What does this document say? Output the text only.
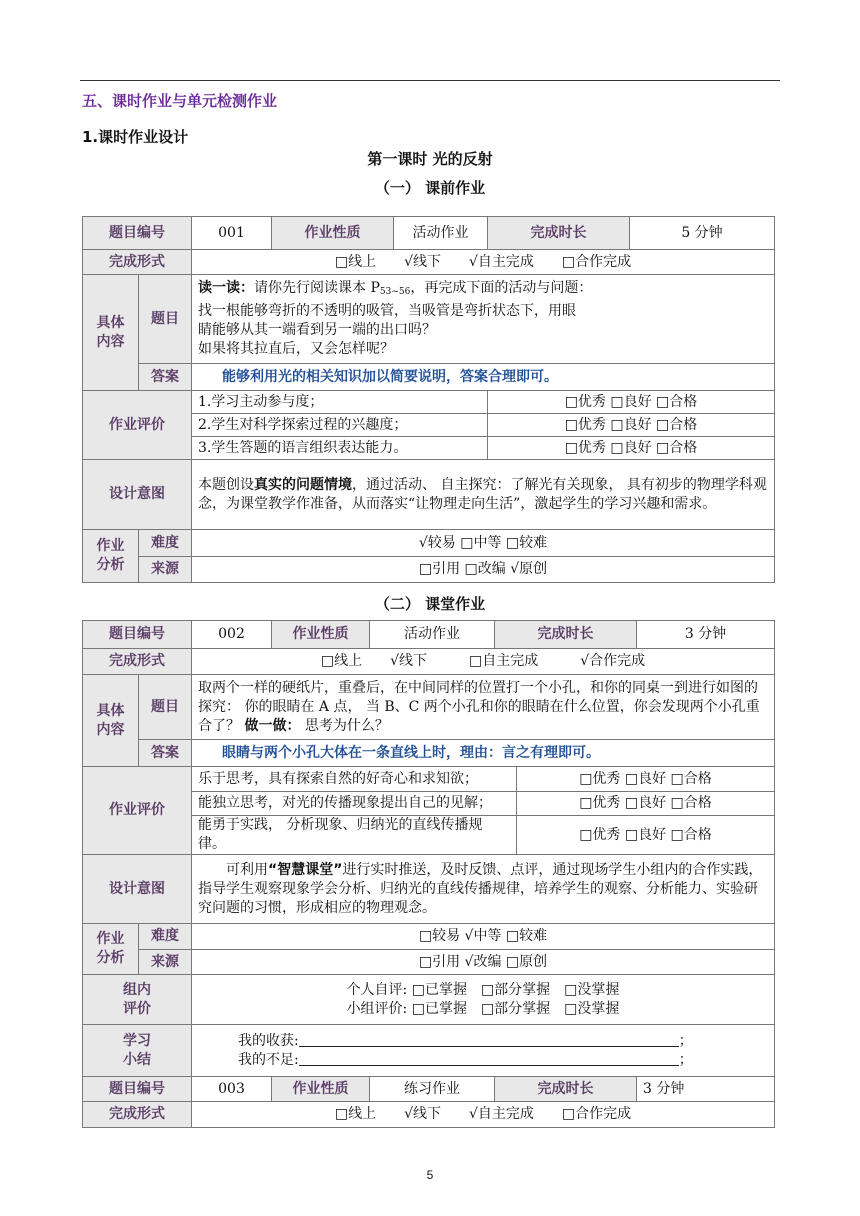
五、课时作业与单元检测作业
1.课时作业设计
第一课时 光的反射
（一） 课前作业
题目编号		001	作业性质	活动作业	完成时长	5 分钟
完成形式		□线上　　√线下　　√自主完成　　□合作完成				
具体
内容	题目	读一读：请你先行阅读课本 P53~56，再完成下面的活动与问题：
找一根能够弯折的不透明的吸管，当吸管是弯折状态下，用眼
睛能够从其一端看到另一端的出口吗？
如果将其拉直后，又会怎样呢？				
	答案	能够利用光的相关知识加以简要说明，答案合理即可。				
作业评价		1.学习主动参与度；			□优秀 □良好 □合格	
		2.学生对科学探索过程的兴趣度；			□优秀 □良好 □合格	
		3.学生答题的语言组织表达能力。			□优秀 □良好 □合格	
设计意图		本题创设真实的问题情境，通过活动、 自主探究：了解光有关现象， 具有初步的物理学科观念，为课堂教学作准备，从而落实“让物理走向生活”，激起学生的学习兴趣和需求。				
作业
分析	难度	√较易 □中等 □较难				
	来源	□引用 □改编 √原创				
（二） 课堂作业
题目编号		002	作业性质	活动作业	完成时长		3 分钟
完成形式		□线上　　√线下　　　□自主完成　　　√合作完成					
具体
内容	题目	取两个一样的硬纸片，重叠后，在中间同样的位置打一个小孔，和你的同桌一到进行如图的探究： 你的眼睛在 A 点， 当 B、C 两个小孔和你的眼睛在什么位置，你会发现两个小孔重合了？ 做一做： 思考为什么？					
	答案	眼睛与两个小孔大体在一条直线上时，理由：言之有理即可。					
作业评价		乐于思考，具有探索自然的好奇心和求知欲；				□优秀 □良好 □合格	
		能独立思考，对光的传播现象提出自己的见解；				□优秀 □良好 □合格	
		能勇于实践， 分析现象、归纳光的直线传播规律。				□优秀 □良好 □合格	
设计意图		可利用“智慧课堂”进行实时推送，及时反馈、点评，通过现场学生小组内的合作实践，指导学生观察现象学会分析、归纳光的直线传播规律，培养学生的观察、分析能力、实验研究问题的习惯，形成相应的物理观念。					

作业
分析	难度	□较易 √中等 □较难					
	来源	□引用 √改编 □原创					
组内
评价		个人自评: □已掌握　□部分掌握　□没掌握
小组评价: □已掌握　□部分掌握　□没掌握					
学习
小结		我的收获: ；
我的不足: ；					
题目编号		003	作业性质	练习作业	完成时长		3 分钟
完成形式		□线上　　√线下　　√自主完成　　□合作完成					
5
